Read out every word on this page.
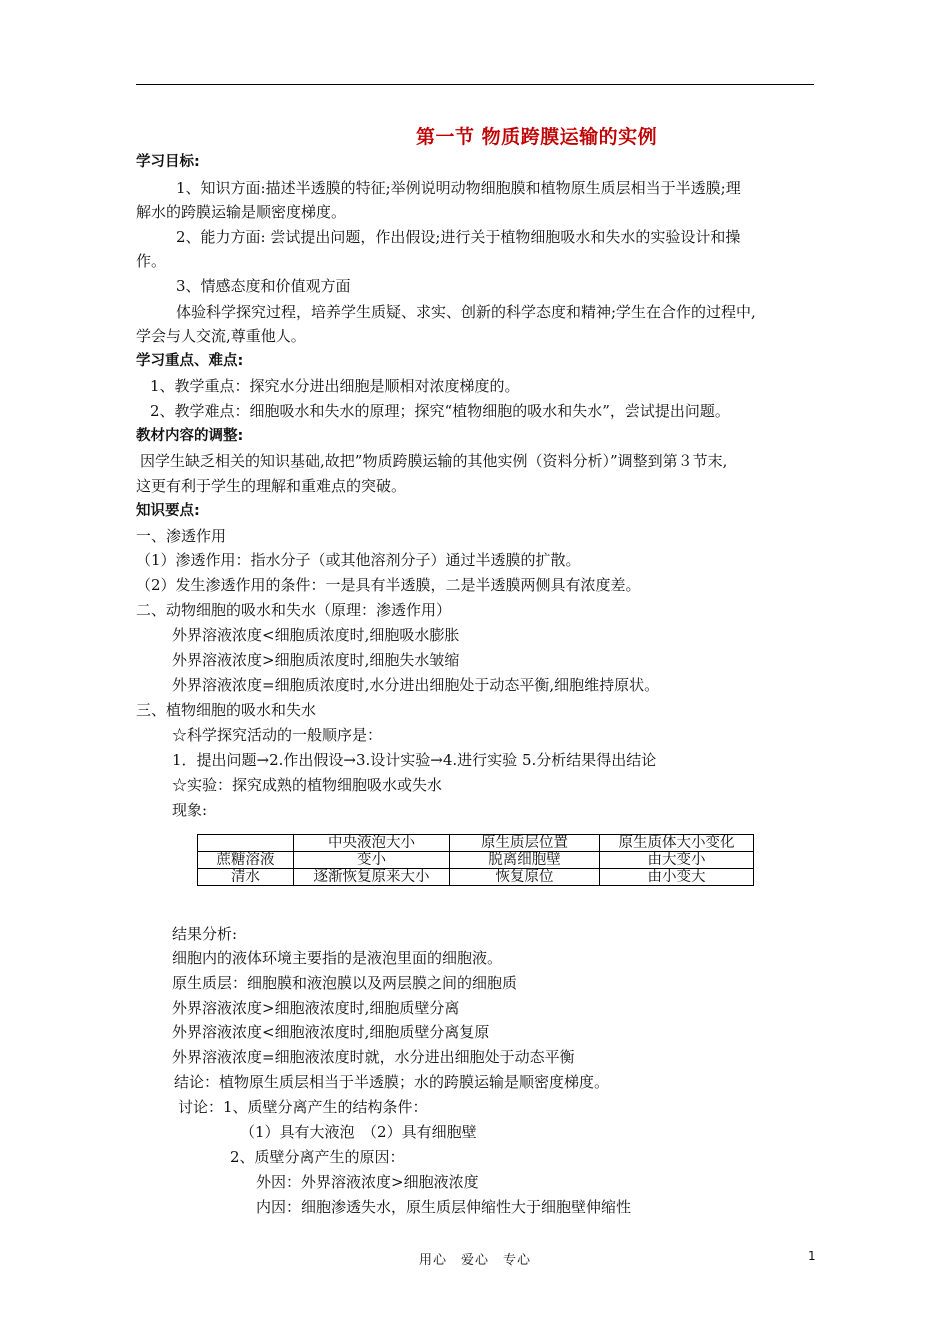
第一节 物质跨膜运输的实例
学习目标:
1、知识方面:描述半透膜的特征;举例说明动物细胞膜和植物原生质层相当于半透膜;理
解水的跨膜运输是顺密度梯度。
2、能力方面: 尝试提出问题，作出假设;进行关于植物细胞吸水和失水的实验设计和操
作。
3、情感态度和价值观方面
体验科学探究过程，培养学生质疑、求实、创新的科学态度和精神;学生在合作的过程中,
学会与人交流,尊重他人。
学习重点、难点:
1、教学重点：探究水分进出细胞是顺相对浓度梯度的。
2、教学难点：细胞吸水和失水的原理；探究“植物细胞的吸水和失水”，尝试提出问题。
教材内容的调整:
因学生缺乏相关的知识基础,故把”物质跨膜运输的其他实例（资料分析）”调整到第３节末,
这更有利于学生的理解和重难点的突破。
知识要点:
一、渗透作用
（1）渗透作用：指水分子（或其他溶剂分子）通过半透膜的扩散。
（2）发生渗透作用的条件：一是具有半透膜，二是半透膜两侧具有浓度差。
二、动物细胞的吸水和失水（原理：渗透作用）
外界溶液浓度<细胞质浓度时,细胞吸水膨胀
外界溶液浓度>细胞质浓度时,细胞失水皱缩
外界溶液浓度=细胞质浓度时,水分进出细胞处于动态平衡,细胞维持原状。
三、植物细胞的吸水和失水
☆科学探究活动的一般顺序是：
1．提出问题→2.作出假设→3.设计实验→4.进行实验 5.分析结果得出结论
☆实验：探究成熟的植物细胞吸水或失水
现象:
	中央液泡大小	原生质层位置	原生质体大小变化
蔗糖溶液	变小	脱离细胞壁	由大变小
清水	逐渐恢复原来大小	恢复原位	由小变大
结果分析:
细胞内的液体环境主要指的是液泡里面的细胞液。
原生质层：细胞膜和液泡膜以及两层膜之间的细胞质
外界溶液浓度>细胞液浓度时,细胞质壁分离
外界溶液浓度<细胞液浓度时,细胞质壁分离复原
外界溶液浓度=细胞液浓度时就，水分进出细胞处于动态平衡
结论：植物原生质层相当于半透膜；水的跨膜运输是顺密度梯度。
讨论：1、质壁分离产生的结构条件：
（1）具有大液泡　（2）具有细胞壁
2、质壁分离产生的原因：
外因：外界溶液浓度>细胞液浓度
内因：细胞渗透失水，原生质层伸缩性大于细胞壁伸缩性
用心　爱心　专心	1
